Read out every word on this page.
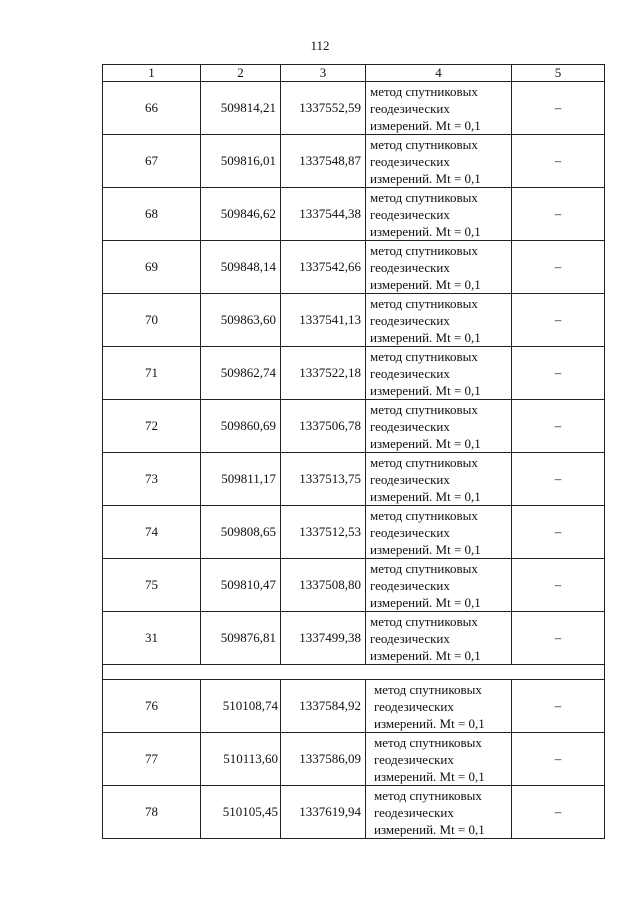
112
1	2	3	4	5
66	509814,21	1337552,59	метод спутниковых геодезических измерений. Mt = 0,1	–
67	509816,01	1337548,87	метод спутниковых геодезических измерений. Mt = 0,1	–
68	509846,62	1337544,38	метод спутниковых геодезических измерений. Mt = 0,1	–
69	509848,14	1337542,66	метод спутниковых геодезических измерений. Mt = 0,1	–
70	509863,60	1337541,13	метод спутниковых геодезических измерений. Mt = 0,1	–
71	509862,74	1337522,18	метод спутниковых геодезических измерений. Mt = 0,1	–
72	509860,69	1337506,78	метод спутниковых геодезических измерений. Mt = 0,1	–
73	509811,17	1337513,75	метод спутниковых геодезических измерений. Mt = 0,1	–
74	509808,65	1337512,53	метод спутниковых геодезических измерений. Mt = 0,1	–
75	509810,47	1337508,80	метод спутниковых геодезических измерений. Mt = 0,1	–
31	509876,81	1337499,38	метод спутниковых геодезических измерений. Mt = 0,1	–

76	510108,74	1337584,92	метод спутниковых геодезических измерений. Mt = 0,1	–
77	510113,60	1337586,09	метод спутниковых геодезических измерений. Mt = 0,1	–
78	510105,45	1337619,94	метод спутниковых геодезических измерений. Mt = 0,1	–
